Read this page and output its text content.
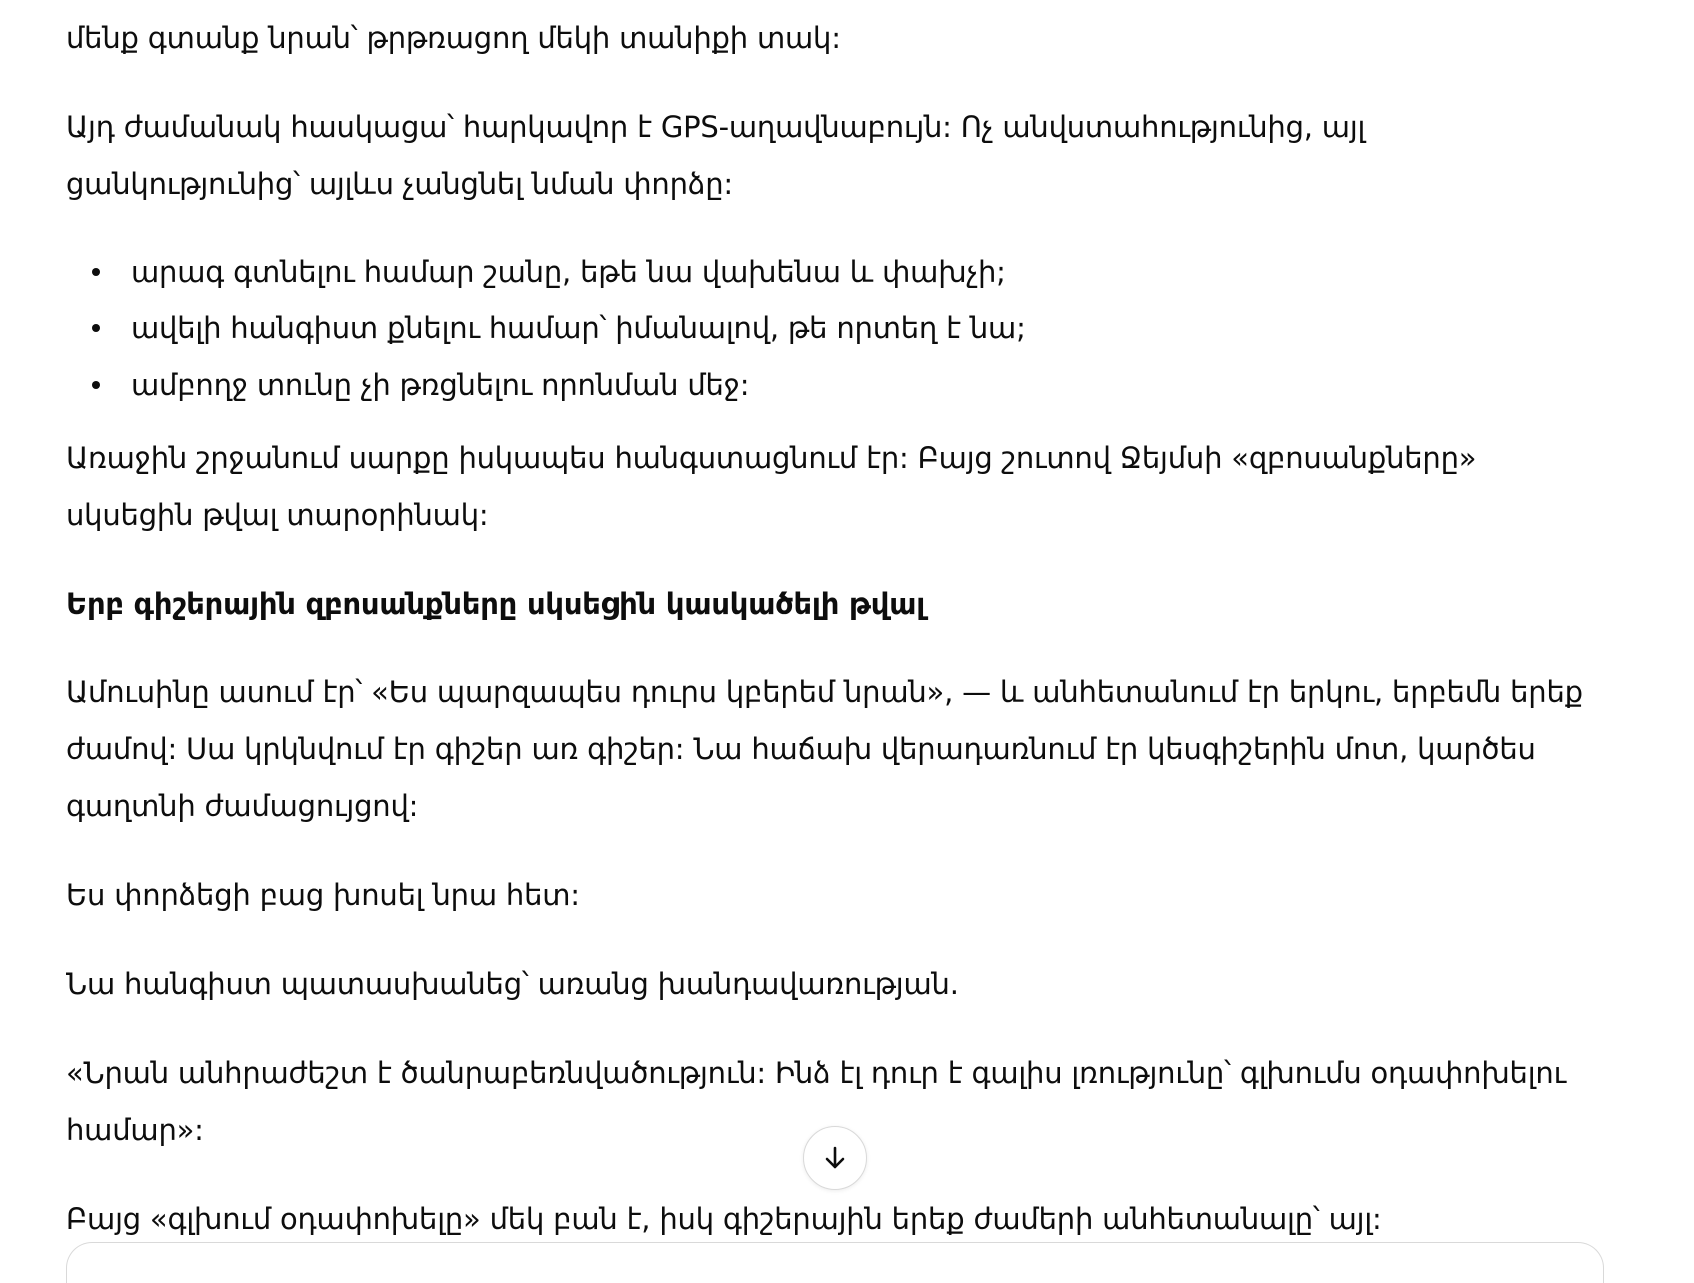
մենք գտանք նրան՝ թրթռացող մեկի տանիքի տակ:
Այդ ժամանակ հասկացա՝ հարկավոր է GPS-աղավնաբույն: Ոչ անվստահությունից, այլ
ցանկությունից՝ այլևս չանցնել նման փորձը:
արագ գտնելու համար շանը, եթե նա վախենա և փախչի;
ավելի հանգիստ քնելու համար՝ իմանալով, թե որտեղ է նա;
ամբողջ տունը չի թռցնելու որոնման մեջ:
Առաջին շրջանում սարքը իսկապես հանգստացնում էր: Բայց շուտով Ջեյմսի «զբոսանքները»
սկսեցին թվալ տարօրինակ:
Երբ գիշերային զբոսանքները սկսեցին կասկածելի թվալ
Ամուսինը ասում էր՝ «Ես պարզապես դուրս կբերեմ նրան», — և անհետանում էր երկու, երբեմն երեք
ժամով: Սա կրկնվում էր գիշեր առ գիշեր: Նա հաճախ վերադառնում էր կեսգիշերին մոտ, կարծես
գաղտնի ժամացույցով:
Ես փորձեցի բաց խոսել նրա հետ:
Նա հանգիստ պատասխանեց՝ առանց խանդավառության.
«Նրան անհրաժեշտ է ծանրաբեռնվածություն: Ինձ էլ դուր է գալիս լռությունը՝ գլխումս օդափոխելու
համար»:
Բայց «գլխում օդափոխելը» մեկ բան է, իսկ գիշերային երեք ժամերի անհետանալը՝ այլ:
